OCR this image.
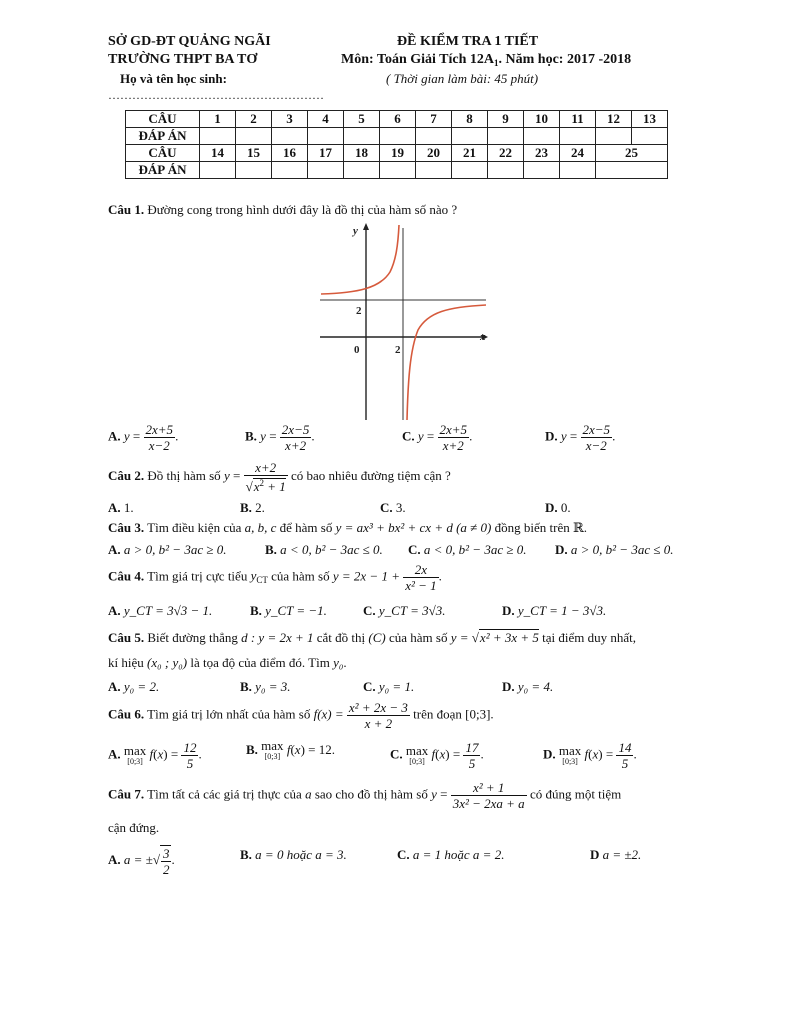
SỞ GD-ĐT QUẢNG NGÃI
TRƯỜNG THPT BA TƠ
Họ và tên học sinh:
………………………………………………
ĐỀ KIỂM TRA 1 TIẾT
Môn: Toán Giải Tích $12A_1$. Năm học: 2017 -2018
( Thời gian làm bài: 45 phút)
CÂU	1	2	3	4	5	6	7	8	9	10	11	12	13
ĐÁP ÁN													
CÂU	14	15	16	17	18	19	20	21	22	23	24	25	
ĐÁP ÁN													
Câu 1. Đường cong trong hình dưới đây là đồ thị của hàm số nào ?
y
x
0
2
2
A. $y = \frac{2x+5}{x-2}$ .	B. $y = \frac{2x-5}{x+2}$ .	C. $y = \frac{2x+5}{x+2}$ .	D. $y = \frac{2x-5}{x-2}$ .
Câu 2. Đồ thị hàm số $y = \frac{x+2}{√x^2 + 1}$ có bao nhiêu đường tiệm cận ?
A. 1.	B. 2.	C. 3.	D. 0.
Câu 3. Tìm điều kiện của a, b, c để hàm số y = ax³ + bx² + cx + d (a ≠ 0) đồng biến trên ℝ.
A. a > 0, b² − 3ac ≥ 0.	B. a < 0, b² − 3ac ≤ 0. C. a < 0, b² − 3ac ≥ 0. D. a > 0, b² − 3ac ≤ 0.
Câu 4. Tìm giá trị cực tiểu $y_{CT}$ của hàm số $y = 2x - 1 + \frac{2x}{\text{x² − 1}}$ .
A. y_CT = 3√3 − 1.	B. y_CT = −1.	C. y_CT = 3√3.	D. y_CT = 1 − 3√3.
Câu 5. Biết đường thẳng d : y = 2x + 1 cắt đồ thị (C) của hàm số y = √x² + 3x + 5 tại điểm duy nhất,
kí hiệu (x₀ ; y₀) là tọa độ của điểm đó. Tìm y₀.
A. y₀ = 2.	B. y₀ = 3.	C. y₀ = 1.	D. y₀ = 4.
Câu 6. Tìm giá trị lớn nhất của hàm số $f(x) = \frac{\text{x² + 2x − 3}}{x + 2}$ trên đoạn [0;3].
A. max
[0;3] $f(x) = \frac{12}{5}$ .	B. max
[0;3] f(x) = 12.	C. max
[0;3] $f(x) = \frac{17}{5}$ .	D. max
[0;3] $f(x) = \frac{14}{5}$ .
Câu 7. Tìm tất cả các giá trị thực của a sao cho đồ thị hàm số $y = \frac{\text{x² + 1}}{\text{3x² − 2xa + a}}$ có đúng một tiệm
cận đứng.
A. a = ±√ $\frac{3}{2}$ .	B. a = 0 hoặc a = 3.	C. a = 1 hoặc a = 2.	D a = ±2.
